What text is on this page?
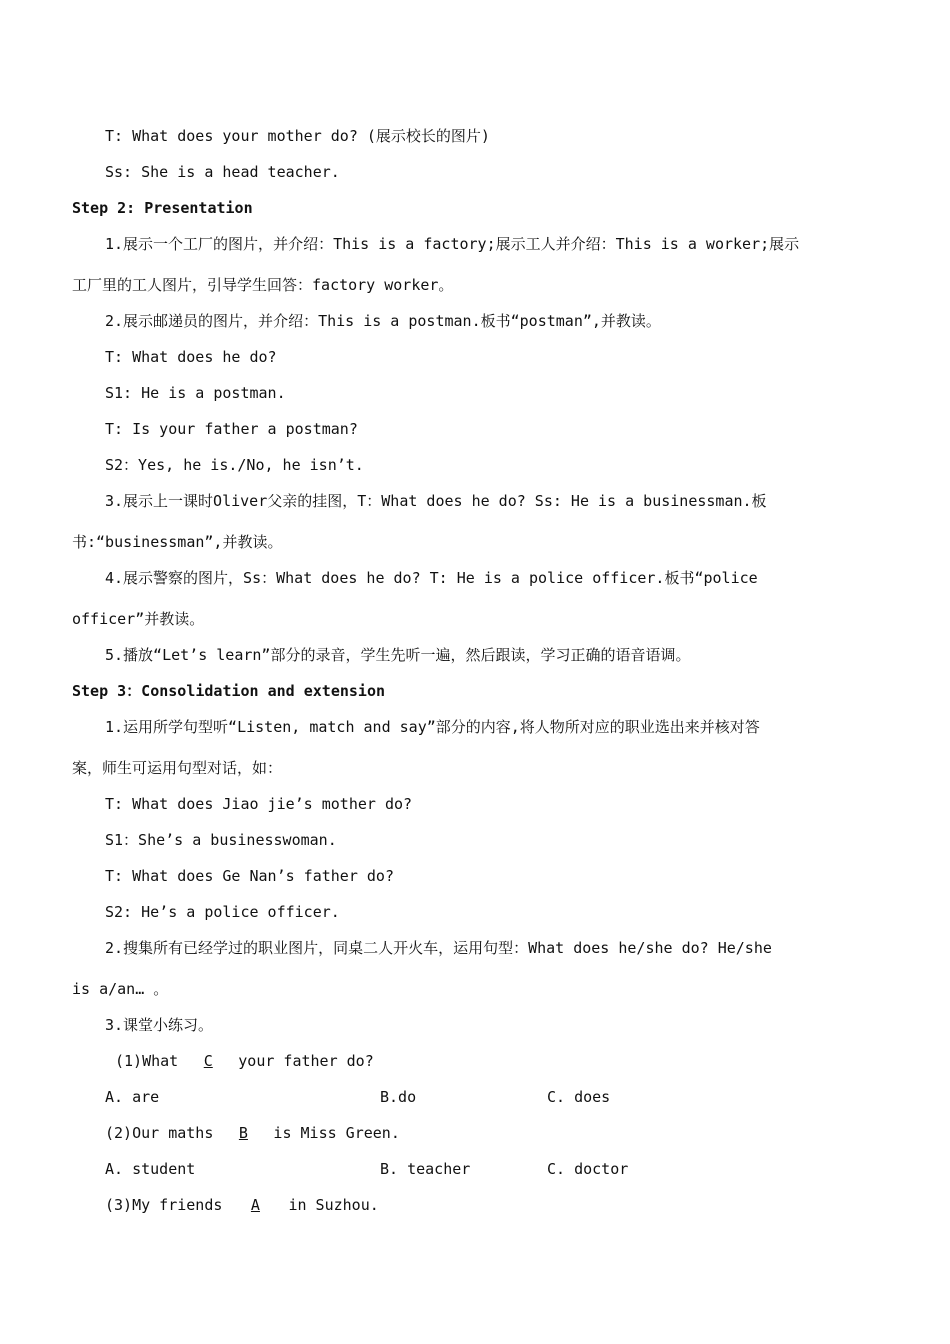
T: What does your mother do? (展示校长的图片)
Ss: She is a head teacher.
Step 2: Presentation
1.展示一个工厂的图片，并介绍：This is a factory;展示工人并介绍：This is a worker;展示
工厂里的工人图片，引导学生回答：factory worker。
2.展示邮递员的图片，并介绍：This is a postman.板书“postman”,并教读。
T: What does he do?
S1: He is a postman.
T: Is your father a postman?
S2：Yes, he is./No, he isn’t.
3.展示上一课时Oliver父亲的挂图，T：What does he do? Ss: He is a businessman.板
书:“businessman”,并教读。
4.展示警察的图片，Ss：What does he do? T: He is a police officer.板书“police
officer”并教读。
5.播放“Let’s learn”部分的录音，学生先听一遍，然后跟读，学习正确的语音语调。
Step 3：Consolidation and extension
1.运用所学句型听“Listen, match and say”部分的内容,将人物所对应的职业选出来并核对答
案，师生可运用句型对话，如：
T: What does Jiao jie’s mother do?
S1：She’s a businesswoman.
T: What does Ge Nan’s father do?
S2: He’s a police officer.
2.搜集所有已经学过的职业图片，同桌二人开火车，运用句型：What does he/she do? He/she
is a/an… 。
3.课堂小练习。
(1)What C your father do?
A. are	B.do	C. does
(2)Our maths B is Miss Green.
A. student	B. teacher	C. doctor
(3)My friends A in Suzhou.
